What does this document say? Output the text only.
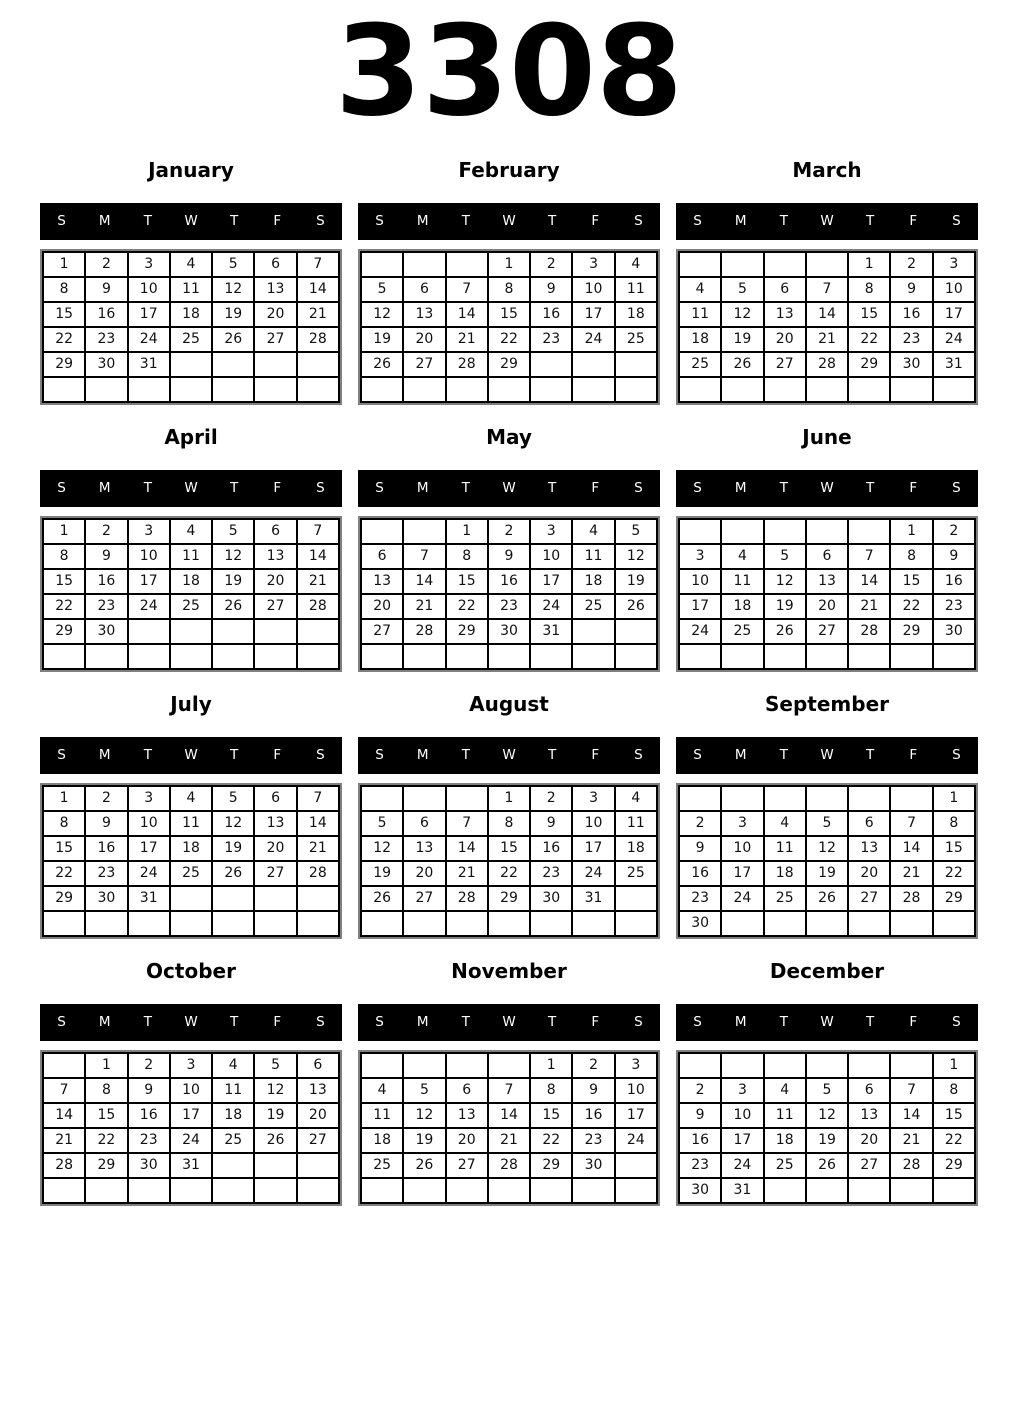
3308
January
S	M	T	W	T	F	S
1	2	3	4	5	6	7
8	9	10	11	12	13	14
15	16	17	18	19	20	21
22	23	24	25	26	27	28
29	30	31				

February
S	M	T	W	T	F	S
			1	2	3	4
5	6	7	8	9	10	11
12	13	14	15	16	17	18
19	20	21	22	23	24	25
26	27	28	29			

March
S	M	T	W	T	F	S
				1	2	3
4	5	6	7	8	9	10
11	12	13	14	15	16	17
18	19	20	21	22	23	24
25	26	27	28	29	30	31

April
S	M	T	W	T	F	S
1	2	3	4	5	6	7
8	9	10	11	12	13	14
15	16	17	18	19	20	21
22	23	24	25	26	27	28
29	30					

May
S	M	T	W	T	F	S
		1	2	3	4	5
6	7	8	9	10	11	12
13	14	15	16	17	18	19
20	21	22	23	24	25	26
27	28	29	30	31		

June
S	M	T	W	T	F	S
					1	2
3	4	5	6	7	8	9
10	11	12	13	14	15	16
17	18	19	20	21	22	23
24	25	26	27	28	29	30

July
S	M	T	W	T	F	S
1	2	3	4	5	6	7
8	9	10	11	12	13	14
15	16	17	18	19	20	21
22	23	24	25	26	27	28
29	30	31				

August
S	M	T	W	T	F	S
			1	2	3	4
5	6	7	8	9	10	11
12	13	14	15	16	17	18
19	20	21	22	23	24	25
26	27	28	29	30	31	

September
S	M	T	W	T	F	S
						1
2	3	4	5	6	7	8
9	10	11	12	13	14	15
16	17	18	19	20	21	22
23	24	25	26	27	28	29
30						
October
S	M	T	W	T	F	S
	1	2	3	4	5	6
7	8	9	10	11	12	13
14	15	16	17	18	19	20
21	22	23	24	25	26	27
28	29	30	31			

November
S	M	T	W	T	F	S
				1	2	3
4	5	6	7	8	9	10
11	12	13	14	15	16	17
18	19	20	21	22	23	24
25	26	27	28	29	30	

December
S	M	T	W	T	F	S
						1
2	3	4	5	6	7	8
9	10	11	12	13	14	15
16	17	18	19	20	21	22
23	24	25	26	27	28	29
30	31					
